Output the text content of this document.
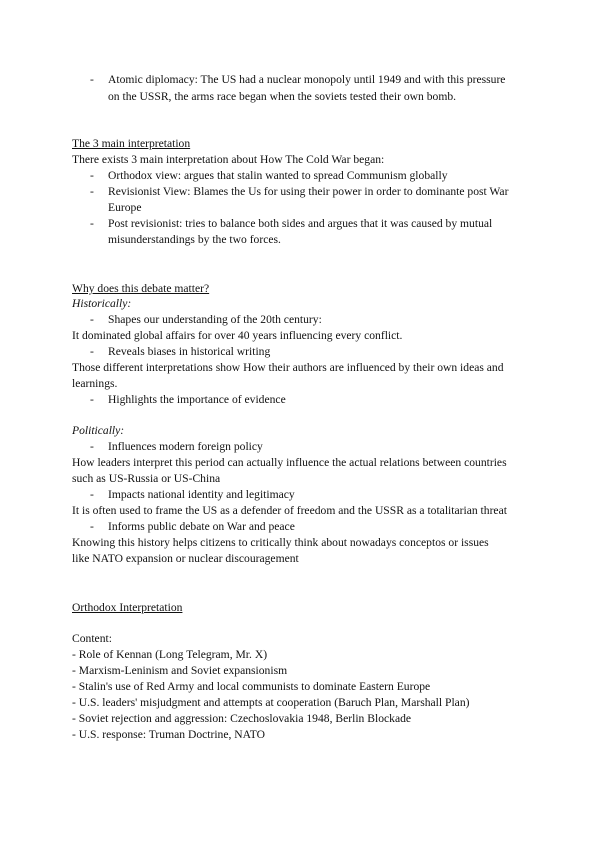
-	Atomic diplomacy: The US had a nuclear monopoly until 1949 and with this pressure
on the USSR, the arms race began when the soviets tested their own bomb.
The 3 main interpretation
There exists 3 main interpretation about How The Cold War began:
-	Orthodox view: argues that stalin wanted to spread Communism globally
-	Revisionist View: Blames the Us for using their power in order to dominante post War
Europe
-	Post revisionist: tries to balance both sides and argues that it was caused by mutual
misunderstandings by the two forces.
Why does this debate matter?
Historically:
-	Shapes our understanding of the 20th century:
It dominated global affairs for over 40 years influencing every conflict.
-	Reveals biases in historical writing
Those different interpretations show How their authors are influenced by their own ideas and
learnings.
-	Highlights the importance of evidence
Politically:
-	Influences modern foreign policy
How leaders interpret this period can actually influence the actual relations between countries
such as US-Russia or US-China
-	Impacts national identity and legitimacy
It is often used to frame the US as a defender of freedom and the USSR as a totalitarian threat
-	Informs public debate on War and peace
Knowing this history helps citizens to critically think about nowadays conceptos or issues
like NATO expansion or nuclear discouragement
Orthodox Interpretation
Content:
- Role of Kennan (Long Telegram, Mr. X)
- Marxism-Leninism and Soviet expansionism
- Stalin's use of Red Army and local communists to dominate Eastern Europe
- U.S. leaders' misjudgment and attempts at cooperation (Baruch Plan, Marshall Plan)
- Soviet rejection and aggression: Czechoslovakia 1948, Berlin Blockade
- U.S. response: Truman Doctrine, NATO
